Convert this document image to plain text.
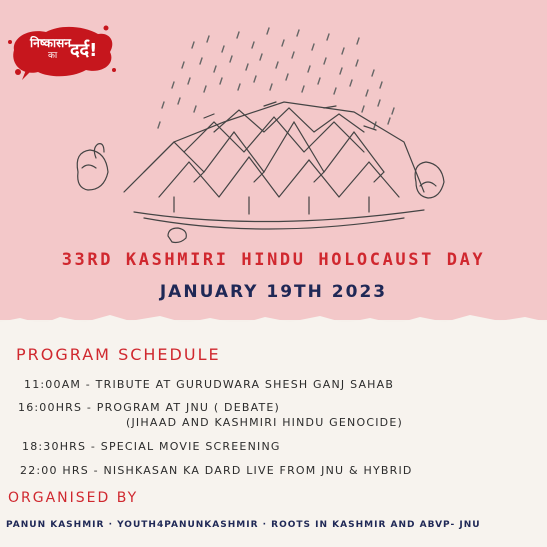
निष्कासन
का दर्द!
33RD KASHMIRI HINDU HOLOCAUST DAY
JANUARY 19TH 2023
PROGRAM SCHEDULE
11:00AM - TRIBUTE AT GURUDWARA SHESH GANJ SAHAB
16:00HRS - PROGRAM AT JNU ( DEBATE)
(JIHAAD AND KASHMIRI HINDU GENOCIDE)
18:30HRS - SPECIAL MOVIE SCREENING
22:00 HRS - NISHKASAN KA DARD LIVE FROM JNU & HYBRID
ORGANISED BY
PANUN KASHMIR · YOUTH4PANUNKASHMIR · ROOTS IN KASHMIR AND ABVP- JNU
